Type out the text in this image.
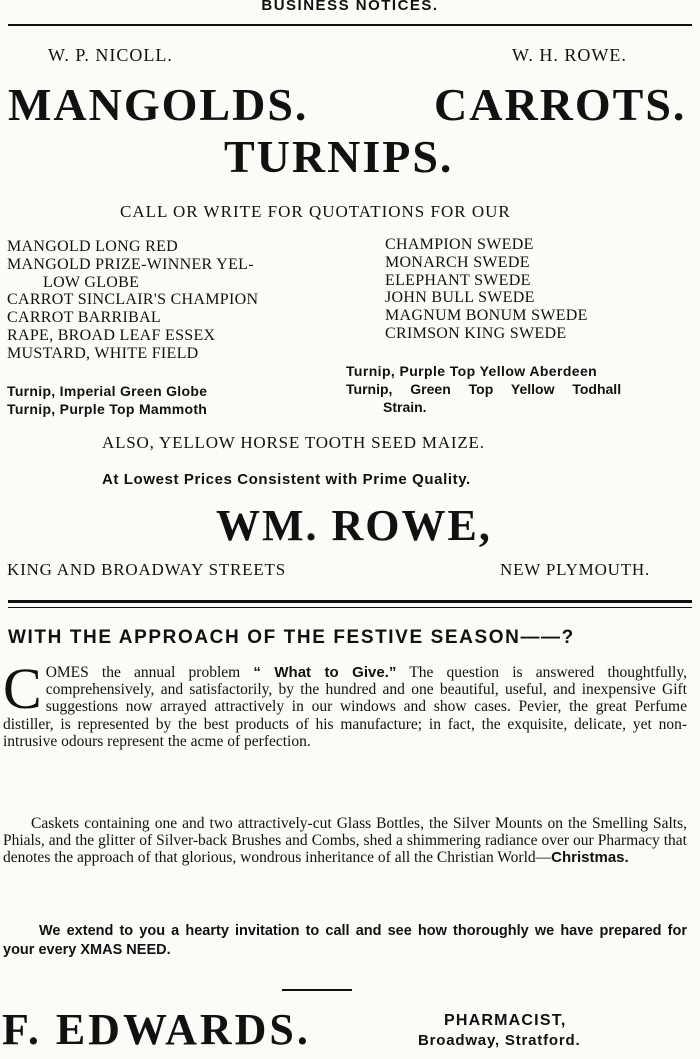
BUSINESS NOTICES.
W. P. NICOLL.	W. H. ROWE.
MANGOLDS.	CARROTS.
TURNIPS.
CALL OR WRITE FOR QUOTATIONS FOR OUR
MANGOLD LONG RED
MANGOLD PRIZE-WINNER YEL-
LOW GLOBE
CARROT SINCLAIR'S CHAMPION
CARROT BARRIBAL
RAPE, BROAD LEAF ESSEX
MUSTARD, WHITE FIELD
CHAMPION SWEDE
MONARCH SWEDE
ELEPHANT SWEDE
JOHN BULL SWEDE
MAGNUM BONUM SWEDE
CRIMSON KING SWEDE
Turnip, Purple Top Yellow Aberdeen
Turnip, Green Top Yellow Todhall
Strain.
Turnip, Imperial Green Globe
Turnip, Purple Top Mammoth
ALSO, YELLOW HORSE TOOTH SEED MAIZE.
At Lowest Prices Consistent with Prime Quality.
WM. ROWE,
KING AND BROADWAY STREETS	NEW PLYMOUTH.
WITH THE APPROACH OF THE FESTIVE SEASON——?
COMES the annual problem “ What to Give.” The question is answered thoughtfully, comprehensively, and satisfactorily, by the hundred and one beautiful, useful, and inexpensive Gift suggestions now arrayed attractively in our windows and show cases. Pevier, the great Perfume distiller, is represented by the best products of his manufacture; in fact, the exquisite, delicate, yet non-intrusive odours represent the acme of perfection.
Caskets containing one and two attractively-cut Glass Bottles, the Silver Mounts on the Smelling Salts, Phials, and the glitter of Silver-back Brushes and Combs, shed a shimmering radiance over our Pharmacy that denotes the approach of that glorious, wondrous inheritance of all the Christian World—Christmas.
We extend to you a hearty invitation to call and see how thoroughly we have prepared for your every XMAS NEED.
F. EDWARDS.	PHARMACIST,
Broadway, Stratford.
